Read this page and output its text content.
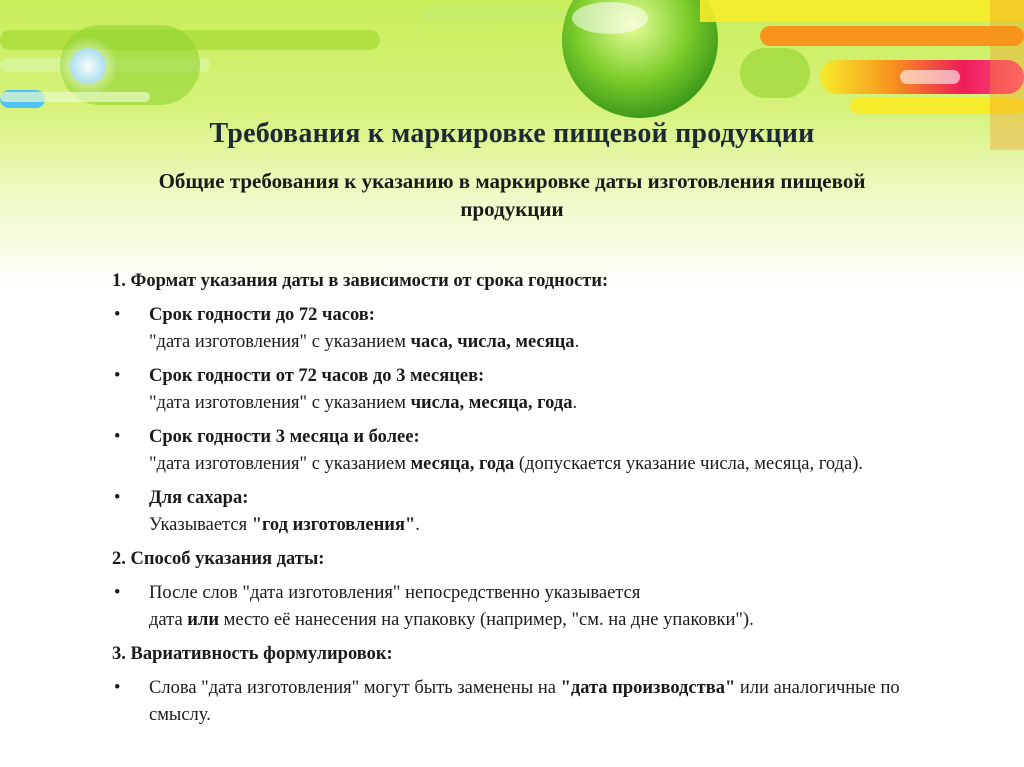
Требования к маркировке пищевой продукции
Общие требования к указанию в маркировке даты изготовления пищевой продукции
1. Формат указания даты в зависимости от срока годности:
• Срок годности до 72 часов:
"дата изготовления" с указанием часа, числа, месяца.
• Срок годности от 72 часов до 3 месяцев:
"дата изготовления" с указанием числа, месяца, года.
• Срок годности 3 месяца и более:
"дата изготовления" с указанием месяца, года (допускается указание числа, месяца, года).
• Для сахара:
Указывается "год изготовления".
2. Способ указания даты:
• После слов "дата изготовления" непосредственно указывается
дата или место её нанесения на упаковку (например, "см. на дне упаковки").
3. Вариативность формулировок:
• Слова "дата изготовления" могут быть заменены на "дата производства" или аналогичные по смыслу.
